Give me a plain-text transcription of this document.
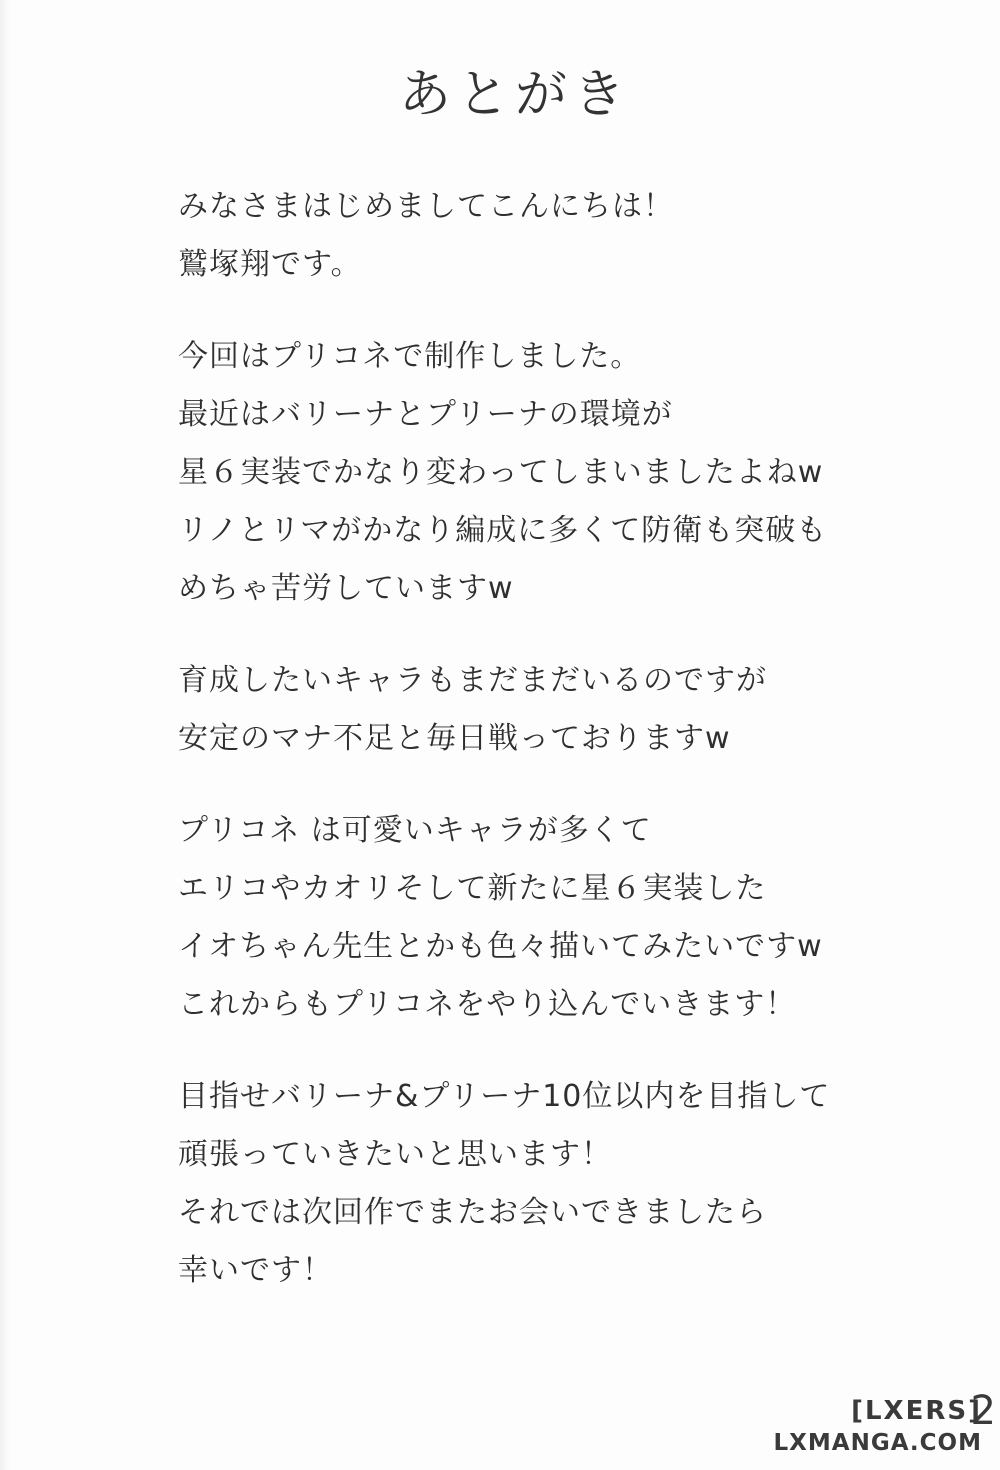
あとがき
みなさまはじめましてこんにちは！
鷲塚翔です。
今回はプリコネで制作しました。
最近はバリーナとプリーナの環境が
星６実装でかなり変わってしまいましたよねw
リノとリマがかなり編成に多くて防衛も突破も
めちゃ苦労していますw
育成したいキャラもまだまだいるのですが
安定のマナ不足と毎日戦っておりますw
プリコネ は可愛いキャラが多くて
エリコやカオリそして新たに星６実装した
イオちゃん先生とかも色々描いてみたいですw
これからもプリコネをやり込んでいきます！
目指せバリーナ&プリーナ10位以内を目指して
頑張っていきたいと思います！
それでは次回作でまたお会いできましたら
幸いです！
2
[LXERS]
LXMANGA.COM
